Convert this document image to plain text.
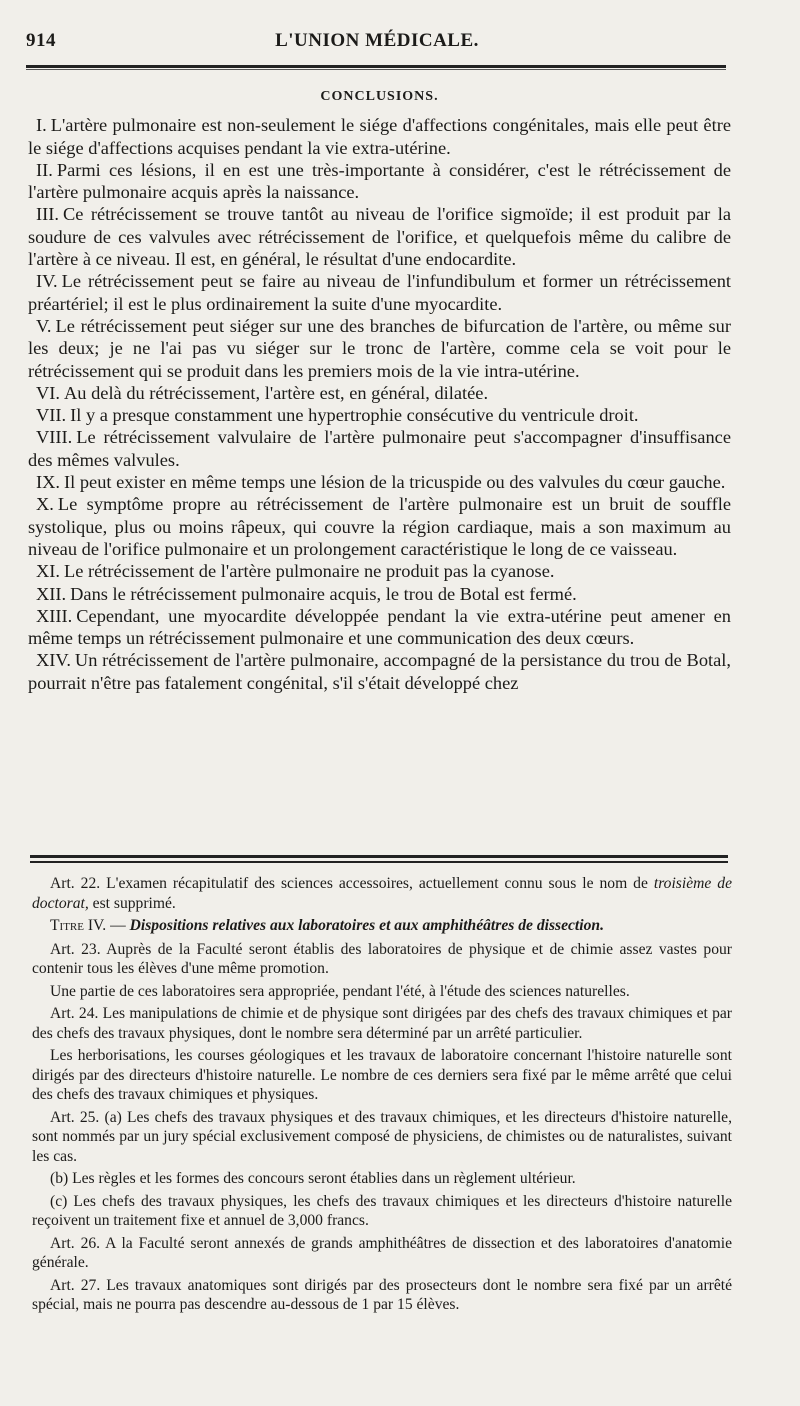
914	L'UNION MÉDICALE.
CONCLUSIONS.

I. L'artère pulmonaire est non-seulement le siége d'affections congénitales, mais elle peut être le siége d'affections acquises pendant la vie extra-utérine.

II. Parmi ces lésions, il en est une très-importante à considérer, c'est le rétrécissement de l'artère pulmonaire acquis après la naissance.

III. Ce rétrécissement se trouve tantôt au niveau de l'orifice sigmoïde; il est produit par la soudure de ces valvules avec rétrécissement de l'orifice, et quelquefois même du calibre de l'artère à ce niveau. Il est, en général, le résultat d'une endocardite.

IV. Le rétrécissement peut se faire au niveau de l'infundibulum et former un rétrécissement préartériel; il est le plus ordinairement la suite d'une myocardite.

V. Le rétrécissement peut siéger sur une des branches de bifurcation de l'artère, ou même sur les deux; je ne l'ai pas vu siéger sur le tronc de l'artère, comme cela se voit pour le rétrécissement qui se produit dans les premiers mois de la vie intra-utérine.

VI. Au delà du rétrécissement, l'artère est, en général, dilatée.

VII. Il y a presque constamment une hypertrophie consécutive du ventricule droit.

VIII. Le rétrécissement valvulaire de l'artère pulmonaire peut s'accompagner d'insuffisance des mêmes valvules.

IX. Il peut exister en même temps une lésion de la tricuspide ou des valvules du cœur gauche.

X. Le symptôme propre au rétrécissement de l'artère pulmonaire est un bruit de souffle systolique, plus ou moins râpeux, qui couvre la région cardiaque, mais a son maximum au niveau de l'orifice pulmonaire et un prolongement caractéristique le long de ce vaisseau.

XI. Le rétrécissement de l'artère pulmonaire ne produit pas la cyanose.

XII. Dans le rétrécissement pulmonaire acquis, le trou de Botal est fermé.

XIII. Cependant, une myocardite développée pendant la vie extra-utérine peut amener en même temps un rétrécissement pulmonaire et une communication des deux cœurs.

XIV. Un rétrécissement de l'artère pulmonaire, accompagné de la persistance du trou de Botal, pourrait n'être pas fatalement congénital, s'il s'était développé chez

Art. 22. L'examen récapitulatif des sciences accessoires, actuellement connu sous le nom de troisième de doctorat, est supprimé.

Titre IV. — Dispositions relatives aux laboratoires et aux amphithéâtres de dissection.

Art. 23. Auprès de la Faculté seront établis des laboratoires de physique et de chimie assez vastes pour contenir tous les élèves d'une même promotion.

Une partie de ces laboratoires sera appropriée, pendant l'été, à l'étude des sciences naturelles.

Art. 24. Les manipulations de chimie et de physique sont dirigées par des chefs des travaux chimiques et par des chefs des travaux physiques, dont le nombre sera déterminé par un arrêté particulier.

Les herborisations, les courses géologiques et les travaux de laboratoire concernant l'histoire naturelle sont dirigés par des directeurs d'histoire naturelle. Le nombre de ces derniers sera fixé par le même arrêté que celui des chefs des travaux chimiques et physiques.

Art. 25. (a) Les chefs des travaux physiques et des travaux chimiques, et les directeurs d'histoire naturelle, sont nommés par un jury spécial exclusivement composé de physiciens, de chimistes ou de naturalistes, suivant les cas.

(b) Les règles et les formes des concours seront établies dans un règlement ultérieur.

(c) Les chefs des travaux physiques, les chefs des travaux chimiques et les directeurs d'histoire naturelle reçoivent un traitement fixe et annuel de 3,000 francs.

Art. 26. A la Faculté seront annexés de grands amphithéâtres de dissection et des laboratoires d'anatomie générale.

Art. 27. Les travaux anatomiques sont dirigés par des prosecteurs dont le nombre sera fixé par un arrêté spécial, mais ne pourra pas descendre au-dessous de 1 par 15 élèves.
